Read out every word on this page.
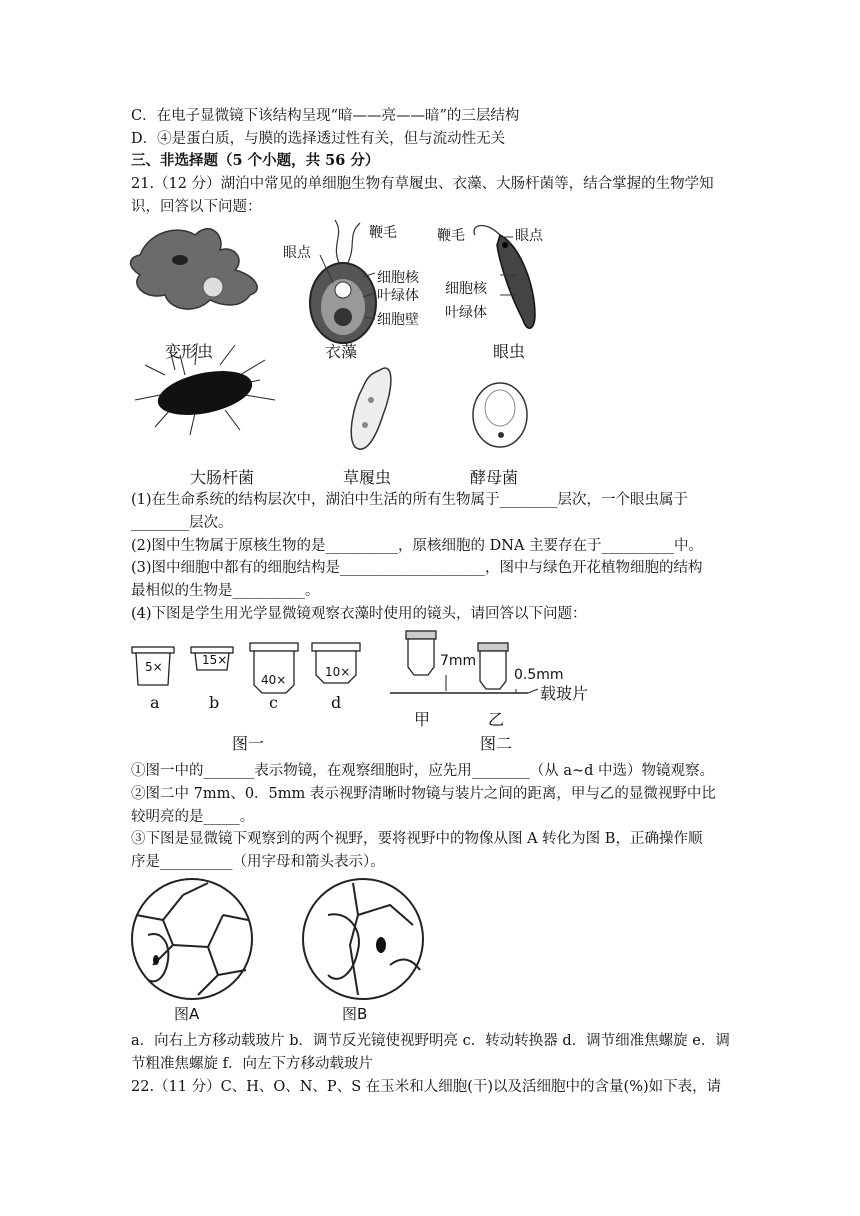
C．在电子显微镜下该结构呈现“暗——亮——暗”的三层结构
D．④是蛋白质，与膜的选择透过性有关，但与流动性无关
三、非选择题（5 个小题，共 56 分）
21.（12 分）湖泊中常见的单细胞生物有草履虫、衣藻、大肠杆菌等，结合掌握的生物学知
识，回答以下问题：
鞭毛
眼点
细胞核
叶绿体
细胞壁
鞭毛	眼点
细胞核
叶绿体
变形虫	衣藻	眼虫
大肠杆菌	草履虫	酵母菌
(1)在生命系统的结构层次中，湖泊中生活的所有生物属于________层次，一个眼虫属于
________层次。
(2)图中生物属于原核生物的是__________，原核细胞的 DNA 主要存在于__________中。
(3)图中细胞中都有的细胞结构是____________________，图中与绿色开花植物细胞的结构
最相似的生物是__________。
(4)下图是学生用光学显微镜观察衣藻时使用的镜头，请回答以下问题：
5×	15×
40×
10×
a	b	c	d
7mm
0.5mm
载玻片
甲	乙
图一	图二
①图一中的_______表示物镜，在观察细胞时，应先用________（从 a~d 中选）物镜观察。
②图二中 7mm、0．5mm 表示视野清晰时物镜与装片之间的距离，甲与乙的显微视野中比
较明亮的是_____。
③下图是显微镜下观察到的两个视野，要将视野中的物像从图 A 转化为图 B，正确操作顺
序是__________（用字母和箭头表示）。
图A	图B
a．向右上方移动载玻片 b．调节反光镜使视野明亮 c．转动转换器 d．调节细准焦螺旋 e．调
节粗准焦螺旋 f．向左下方移动载玻片
22.（11 分）C、H、O、N、P、S 在玉米和人细胞(干)以及活细胞中的含量(%)如下表，请
